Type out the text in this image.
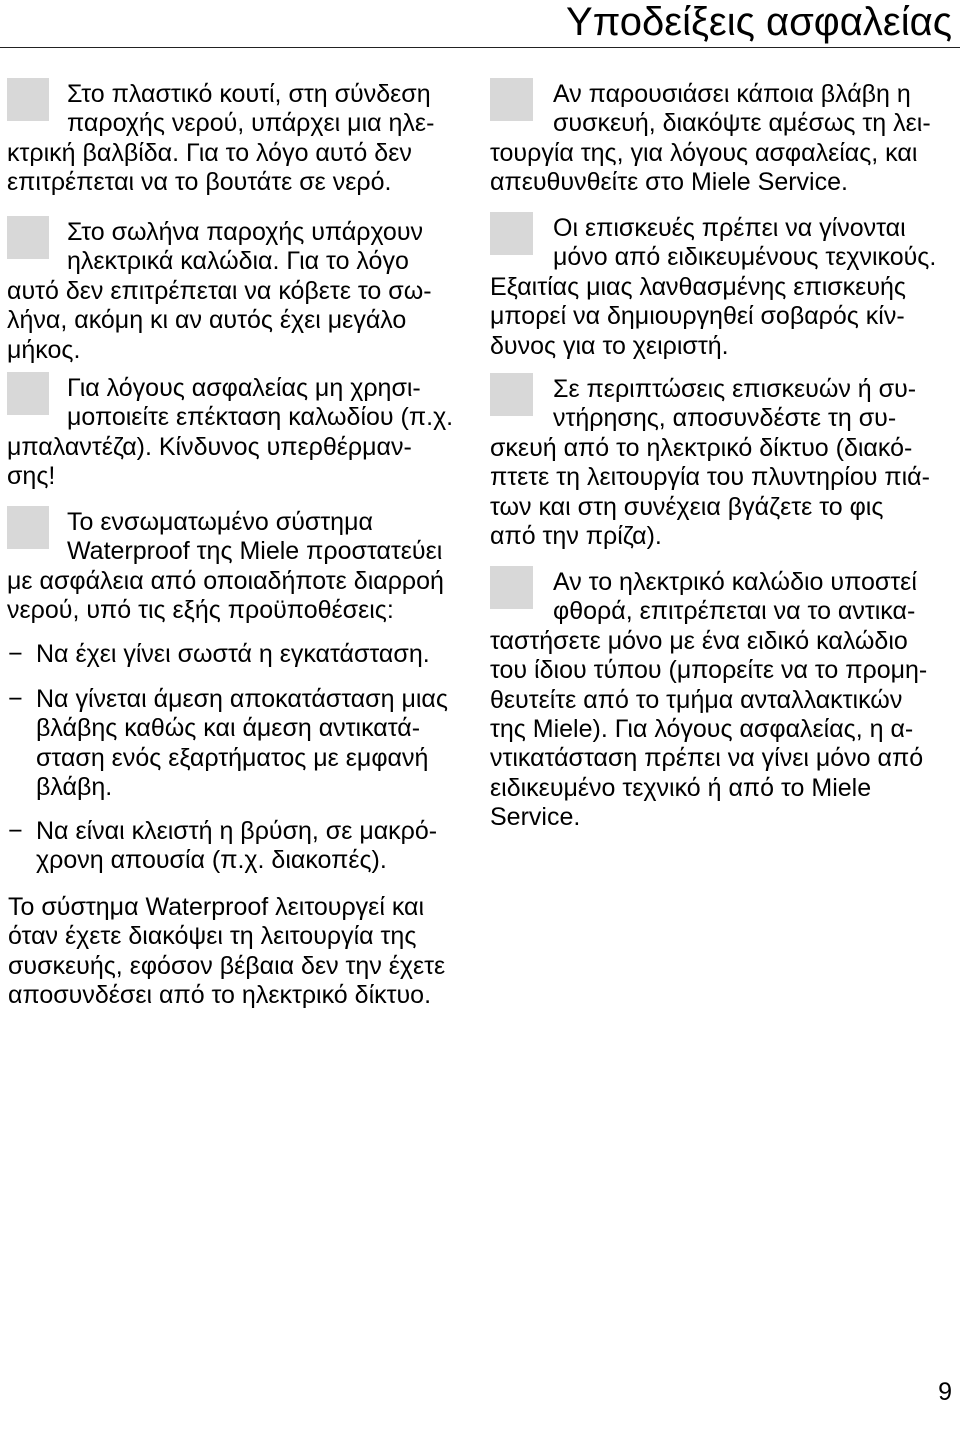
Υποδείξεις ασφαλείας
Στο πλαστικό κουτί, στη σύνδεση
παροχής νερού, υπάρχει μια ηλε-
κτρική βαλβίδα. Για το λόγο αυτό δεν
επιτρέπεται να το βουτάτε σε νερό.
Στο σωλήνα παροχής υπάρχουν
ηλεκτρικά καλώδια. Για το λόγο
αυτό δεν επιτρέπεται να κόβετε το σω-
λήνα, ακόμη κι αν αυτός έχει μεγάλο
μήκος.
Για λόγους ασφαλείας μη χρησι-
μοποιείτε επέκταση καλωδίου (π.χ.
μπαλαντέζα). Κίνδυνος υπερθέρμαν-
σης!
Το ενσωματωμένο σύστημα
Waterproof της Miele προστατεύει
με ασφάλεια από οποιαδήποτε διαρροή
νερού, υπό τις εξής προϋποθέσεις:
− Να έχει γίνει σωστά η εγκατάσταση.
− Να γίνεται άμεση αποκατάσταση μιας
βλάβης καθώς και άμεση αντικατά-
σταση ενός εξαρτήματος με εμφανή
βλάβη.
− Να είναι κλειστή η βρύση, σε μακρό-
χρονη απουσία (π.χ. διακοπές).
Το σύστημα Waterproof λειτουργεί και
όταν έχετε διακόψει τη λειτουργία της
συσκευής, εφόσον βέβαια δεν την έχετε
αποσυνδέσει από το ηλεκτρικό δίκτυο.
Αν παρουσιάσει κάποια βλάβη η
συσκευή, διακόψτε αμέσως τη λει-
τουργία της, για λόγους ασφαλείας, και
απευθυνθείτε στο Miele Service.
Οι επισκευές πρέπει να γίνονται
μόνο από ειδικευμένους τεχνικούς.
Εξαιτίας μιας λανθασμένης επισκευής
μπορεί να δημιουργηθεί σοβαρός κίν-
δυνος για το χειριστή.
Σε περιπτώσεις επισκευών ή συ-
ντήρησης, αποσυνδέστε τη συ-
σκευή από το ηλεκτρικό δίκτυο (διακό-
πτετε τη λειτουργία του πλυντηρίου πιά-
των και στη συνέχεια βγάζετε το φις
από την πρίζα).
Αν το ηλεκτρικό καλώδιο υποστεί
φθορά, επιτρέπεται να το αντικα-
ταστήσετε μόνο με ένα ειδικό καλώδιο
του ίδιου τύπου (μπορείτε να το προμη-
θευτείτε από το τμήμα ανταλλακτικών
της Miele). Για λόγους ασφαλείας, η α-
ντικατάσταση πρέπει να γίνει μόνο από
ειδικευμένο τεχνικό ή από το Miele
Service.
9
